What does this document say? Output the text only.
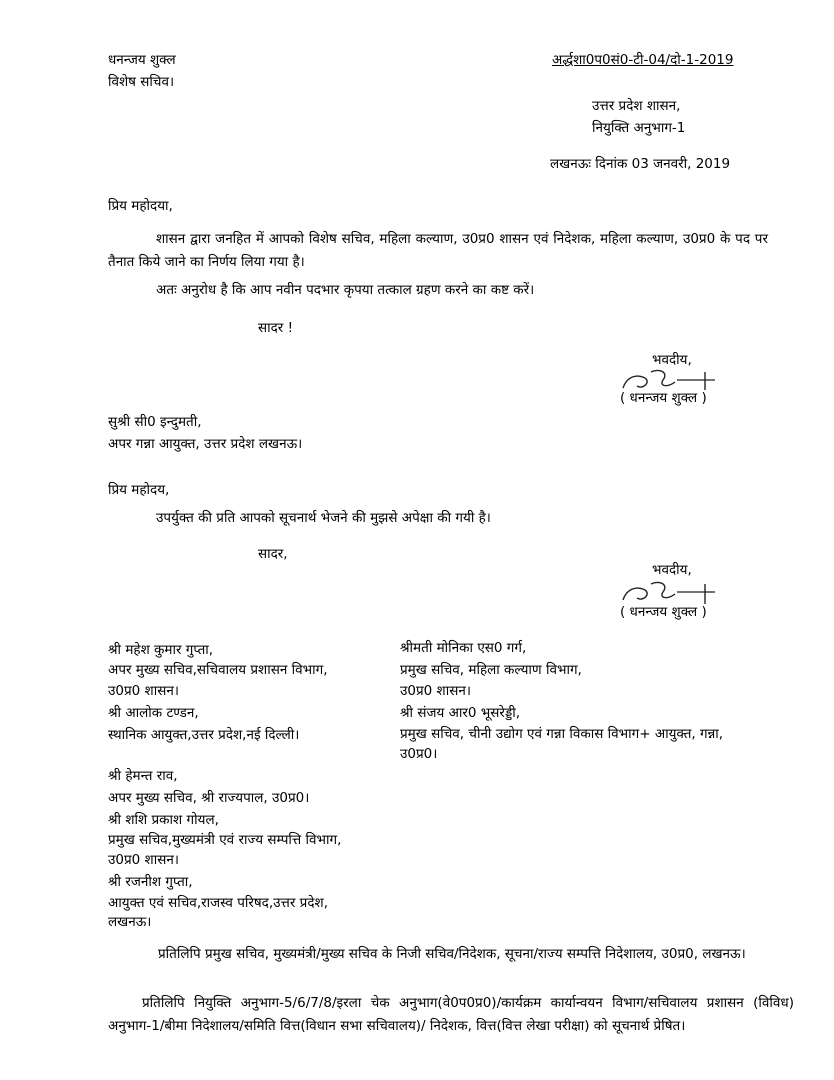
धनन्जय शुक्ल
विशेष सचिव।
अर्द्धशा0प0सं0-टी-04/दो-1-2019
उत्तर प्रदेश शासन,
नियुक्ति अनुभाग-1
लखनऊः दिनांक 03 जनवरी, 2019
प्रिय महोदया,
शासन द्वारा जनहित में आपको विशेष सचिव, महिला कल्याण, उ0प्र0 शासन एवं निदेशक, महिला कल्याण, उ0प्र0 के पद पर तैनात किये जाने का निर्णय लिया गया है।
अतः अनुरोध है कि आप नवीन पदभार कृपया तत्काल ग्रहण करने का कष्ट करें।
सादर !
भवदीय,
( धनन्जय शुक्ल )
सुश्री सी0 इन्दुमती,
अपर गन्ना आयुक्त, उत्तर प्रदेश लखनऊ।
प्रिय महोदय,
उपर्युक्त की प्रति आपको सूचनार्थ भेजने की मुझसे अपेक्षा की गयी है।
सादर,
भवदीय,
( धनन्जय शुक्ल )
श्री महेश कुमार गुप्ता,
अपर मुख्य सचिव,सचिवालय प्रशासन विभाग,
उ0प्र0 शासन।
श्री आलोक टण्डन,
स्थानिक आयुक्त,उत्तर प्रदेश,नई दिल्ली।
श्री हेमन्त राव,
अपर मुख्य सचिव, श्री राज्यपाल, उ0प्र0।
श्री शशि प्रकाश गोयल,
प्रमुख सचिव,मुख्यमंत्री एवं राज्य सम्पत्ति विभाग,
उ0प्र0 शासन।
श्री रजनीश गुप्ता,
आयुक्त एवं सचिव,राजस्व परिषद,उत्तर प्रदेश,
लखनऊ।
श्रीमती मोनिका एस0 गर्ग,
प्रमुख सचिव, महिला कल्याण विभाग,
उ0प्र0 शासन।
श्री संजय आर0 भूसरेड्डी,
प्रमुख सचिव, चीनी उद्योग एवं गन्ना विकास विभाग+ आयुक्त, गन्ना,
उ0प्र0।
प्रतिलिपि प्रमुख सचिव, मुख्यमंत्री/मुख्य सचिव के निजी सचिव/निदेशक, सूचना/राज्य सम्पत्ति निदेशालय, उ0प्र0, लखनऊ।
प्रतिलिपि नियुक्ति अनुभाग-5/6/7/8/इरला चेक अनुभाग(वे0प0प्र0)/कार्यक्रम कार्यान्वयन विभाग/सचिवालय प्रशासन (विविध) अनुभाग-1/बीमा निदेशालय/समिति वित्त(विधान सभा सचिवालय)/ निदेशक, वित्त(वित्त लेखा परीक्षा) को सूचनार्थ प्रेषित।
